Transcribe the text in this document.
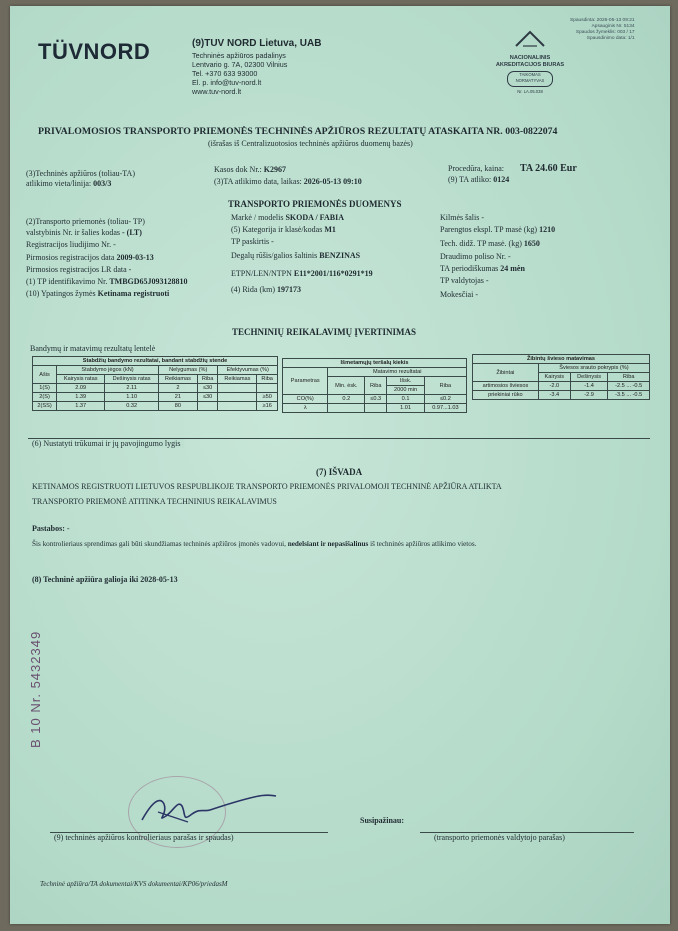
TÜVNORD	(9)TUV NORD Lietuva, UAB
Techninės apžiūros padalinys
Lentvario g. 7A, 02300 Vilnius
Tel. +370 633 93000
El. p. info@tuv-nord.lt
www.tuv-nord.lt
Spausdinta: 2026-05-13 09:21
Apsauginis Nr. 5134
Spaudos žymeklis: 003 / 17
Spausdinimo data: 1/1
NACIONALINIS
AKREDITACIJOS BIURAS
TAIKOMAS
NORMATYVAS
Nr. LA.05.038
PRIVALOMOSIOS TRANSPORTO PRIEMONĖS TECHNINĖS APŽIŪROS REZULTATŲ ATASKAITA NR. 003-0822074
(išrašas iš Centralizuotosios techninės apžiūros duomenų bazės)
(3)Techninės apžiūros (toliau-TA)
atlikimo vieta/linija: 003/3
Kasos dok Nr.: K2967
(3)TA atlikimo data, laikas: 2026-05-13 09:10
Procedūra, kaina: TA 24.60 Eur
(9) TA atliko: 0124
TRANSPORTO PRIEMONĖS DUOMENYS
(2)Transporto priemonės (toliau- TP)
valstybinis Nr. ir šalies kodas - (LT)
Registracijos liudijimo Nr. -
Pirmosios registracijos data 2009-03-13
Pirmosios registracijos LR data -
(1) TP identifikavimo Nr. TMBGD65J093128810
(10) Ypatingos žymės Ketinama registruoti
Markė / modelis SKODA / FABIA
(5) Kategorija ir klasė/kodas M1
TP paskirtis -
Degalų rūšis/galios šaltinis BENZINAS
ETPN/LEN/NTPN E11*2001/116*0291*19
(4) Rida (km) 197173
Kilmės šalis -
Parengtos ekspl. TP masė (kg) 1210
Tech. didž. TP masė. (kg) 1650
Draudimo poliso Nr. -
TA periodiškumas 24 mėn
TP valdytojas -
Mokesčiai -
TECHNINIŲ REIKALAVIMŲ ĮVERTINIMAS
Bandymų ir matavimų rezultatų lentelė
Stabdžių bandymo rezultatai, bandant stabdžių stende						
Ašis	Stabdymo jėgos (kN)		Nelygumas (%)		Efektyvumas (%)	
	Kairysis ratas	Dešinysis ratas	Reikiamas	Riba	Reikiamas	Riba
1(S)	2.09	2.11	2	≤30		
2(S)	1.39	1.10	21	≤30		≥50
2(SS)	1.37	0.32	80			≥16
Išmetamųjų teršalų kiekis				
Parametras	Matavimo rezultatai			
	Min. ėsk.	Riba	Išsk.	Riba
			2000 min	
CO(%)	0.2	≤0.3	0.1	≤0.2
λ			1.01	0.97...1.03
Žibintų švieso matavimas			
Žibintai	Šviesos srauto pokrypis (%)		
	Kairysis	Dešinysis	Riba
artimosios šviesos	-2.0	-1.4	-2.5 ... -0.5
priekiniai rūko	-3.4	-2.9	-3.5 ... -0.5
(6) Nustatyti trūkumai ir jų pavojingumo lygis
(7) IŠVADA
KETINAMOS REGISTRUOTI LIETUVOS RESPUBLIKOJE TRANSPORTO PRIEMONĖS PRIVALOMOJI TECHNINĖ APŽIŪRA ATLIKTA
TRANSPORTO PRIEMONĖ ATITINKA TECHNINIUS REIKALAVIMUS
Pastabos: -
Šis kontrolieriaus sprendimas gali būti skundžiamas techninės apžiūros įmonės vadovui, nedelsiant ir nepasišalinus iš techninės apžiūros atlikimo vietos.
(8) Techninė apžiūra galioja iki 2028-05-13
B 10 Nr. 5432349
(9) techninės apžiūros kontrolieriaus parašas ir spaudas)
Susipažinau:
(transporto priemonės valdytojo parašas)
Techninė apžiūra/TA dokumentai/KVS dokumentai/KP06/priedasM
